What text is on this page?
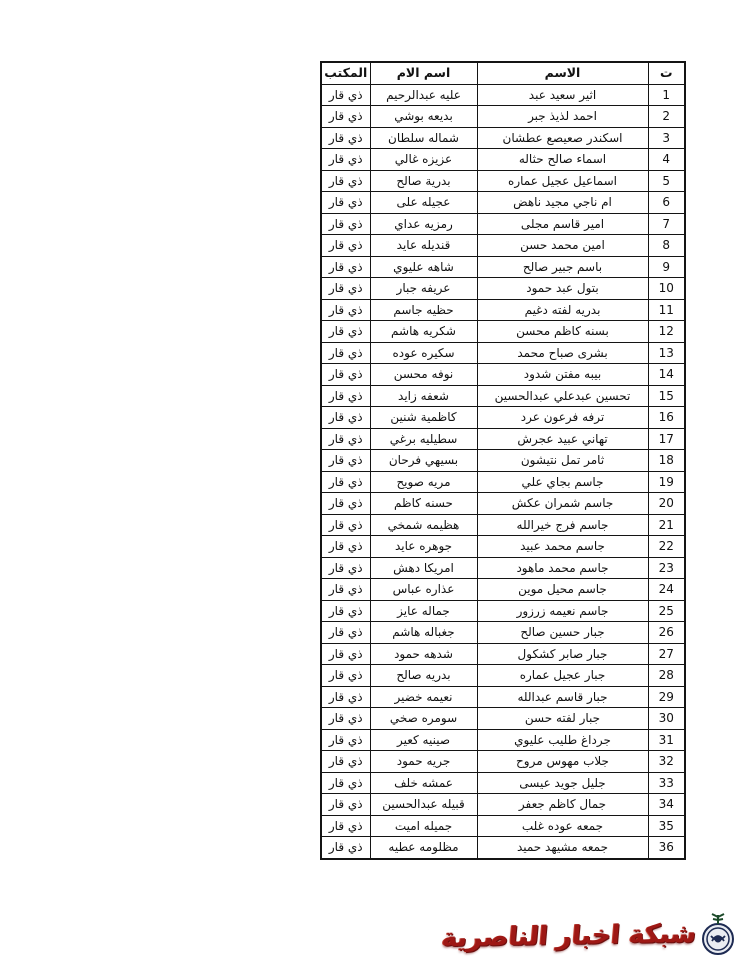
ت	الاسم	اسم الام	المكتب
1	اثير سعيد عبد	عليه عبدالرحيم	ذي قار
2	احمد لذيذ جبر	بديعه بوشي	ذي قار
3	اسكندر صعيصع عطشان	شماله سلطان	ذي قار
4	اسماء صالح حثاله	عزيزه غالي	ذي قار
5	اسماعيل عجيل عماره	بدرية صالح	ذي قار
6	ام ناجي مجيد ناهض	عجيله على	ذي قار
7	امير قاسم مجلى	رمزيه عداي	ذي قار
8	امين محمد حسن	قنديله عايد	ذي قار
9	باسم جبير صالح	شاهه عليوي	ذي قار
10	بتول عبد حمود	عريفه جبار	ذي قار
11	بدريه لفته دغيم	حظيه جاسم	ذي قار
12	بسنه كاظم محسن	شكريه هاشم	ذي قار
13	بشرى صباح محمد	سكيره عوده	ذي قار
14	بيبه مفتن شدود	نوفه محسن	ذي قار
15	تحسين عبدعلي عبدالحسين	شعفه زايد	ذي قار
16	ترفه فرعون عرد	كاظمية شنين	ذي قار
17	تهاني عبيد عجرش	سطيليه برغي	ذي قار
18	ثامر تمل نتيشون	بسيهي فرحان	ذي قار
19	جاسم بجاي علي	مريه صويح	ذي قار
20	جاسم شمران عكش	حسنه كاظم	ذي قار
21	جاسم فرج خيرالله	هظيمه شمخي	ذي قار
22	جاسم محمد عبيد	جوهره عايد	ذي قار
23	جاسم محمد ماهود	امريكا دهش	ذي قار
24	جاسم محيل موين	عذاره عباس	ذي قار
25	جاسم نعيمه زرزور	جماله عايز	ذي قار
26	جبار حسين صالح	جغباله هاشم	ذي قار
27	جبار صابر كشكول	شدهه حمود	ذي قار
28	جبار عجيل عماره	بدريه صالح	ذي قار
29	جبار قاسم عبدالله	نعيمه خضير	ذي قار
30	جبار لفته حسن	سومره صخي	ذي قار
31	جرداغ طليب عليوي	صينيه كعير	ذي قار
32	جلاب مهوس مروح	جريه حمود	ذي قار
33	جليل جويد عيسى	عمشه خلف	ذي قار
34	جمال كاظم جعفر	قبيله عبدالحسين	ذي قار
35	جمعه عوده غلب	جميله اميت	ذي قار
36	جمعه مشيهد حميد	مظلومه عطيه	ذي قار
شبكة اخبار الناصرية
